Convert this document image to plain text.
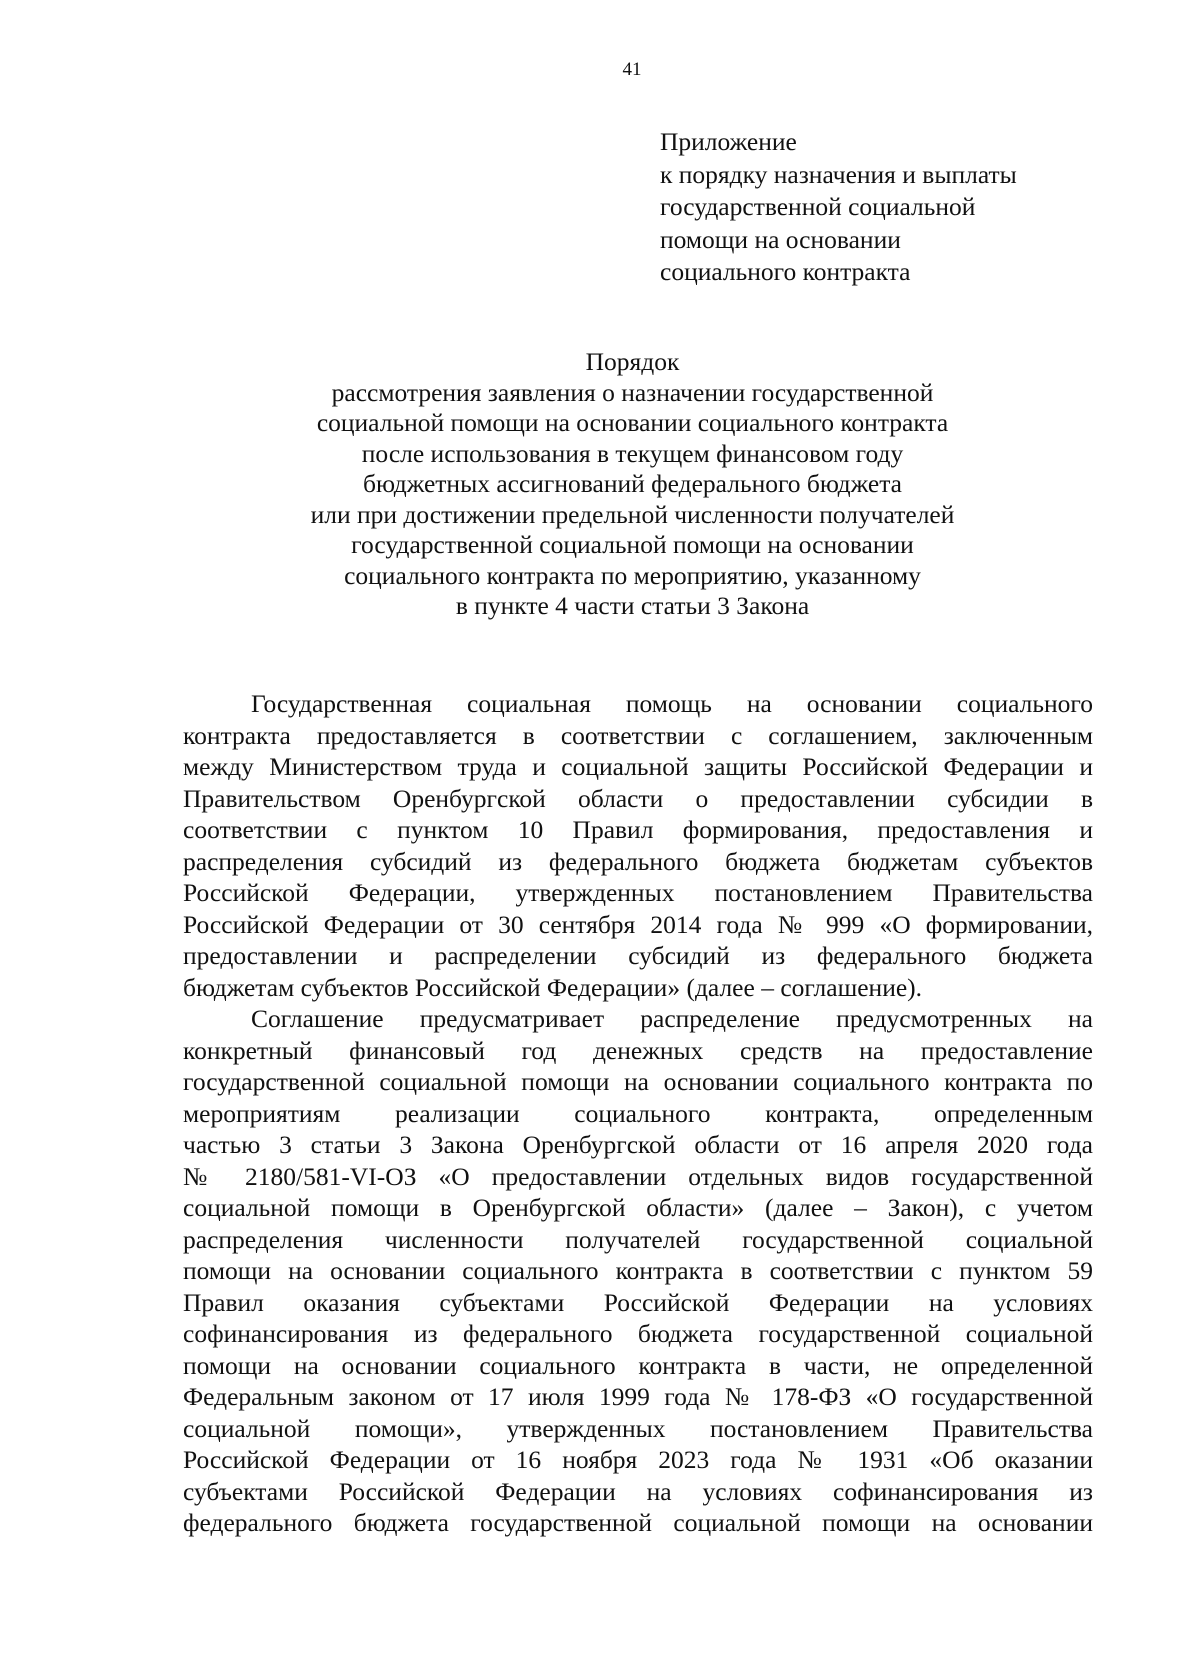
41
Приложение
к порядку назначения и выплаты
государственной социальной
помощи на основании
социального контракта
Порядок
рассмотрения заявления о назначении государственной
социальной помощи на основании социального контракта
после использования в текущем финансовом году
бюджетных ассигнований федерального бюджета
или при достижении предельной численности получателей
государственной социальной помощи на основании
социального контракта по мероприятию, указанному
в пункте 4 части статьи 3 Закона
Государственная социальная помощь на основании социального
контракта предоставляется в соответствии с соглашением, заключенным
между Министерством труда и социальной защиты Российской Федерации и
Правительством Оренбургской области о предоставлении субсидии в
соответствии с пунктом 10 Правил формирования, предоставления и
распределения субсидий из федерального бюджета бюджетам субъектов
Российской Федерации, утвержденных постановлением Правительства
Российской Федерации от 30 сентября 2014 года № 999 «О формировании,
предоставлении и распределении субсидий из федерального бюджета
бюджетам субъектов Российской Федерации» (далее – соглашение).
Соглашение предусматривает распределение предусмотренных на
конкретный финансовый год денежных средств на предоставление
государственной социальной помощи на основании социального контракта по
мероприятиям реализации социального контракта, определенным
частью 3 статьи 3 Закона Оренбургской области от 16 апреля 2020 года
№ 2180/581-VI-ОЗ «О предоставлении отдельных видов государственной
социальной помощи в Оренбургской области» (далее – Закон), с учетом
распределения численности получателей государственной социальной
помощи на основании социального контракта в соответствии с пунктом 59
Правил оказания субъектами Российской Федерации на условиях
софинансирования из федерального бюджета государственной социальной
помощи на основании социального контракта в части, не определенной
Федеральным законом от 17 июля 1999 года № 178-ФЗ «О государственной
социальной помощи», утвержденных постановлением Правительства
Российской Федерации от 16 ноября 2023 года № 1931 «Об оказании
субъектами Российской Федерации на условиях софинансирования из
федерального бюджета государственной социальной помощи на основании
